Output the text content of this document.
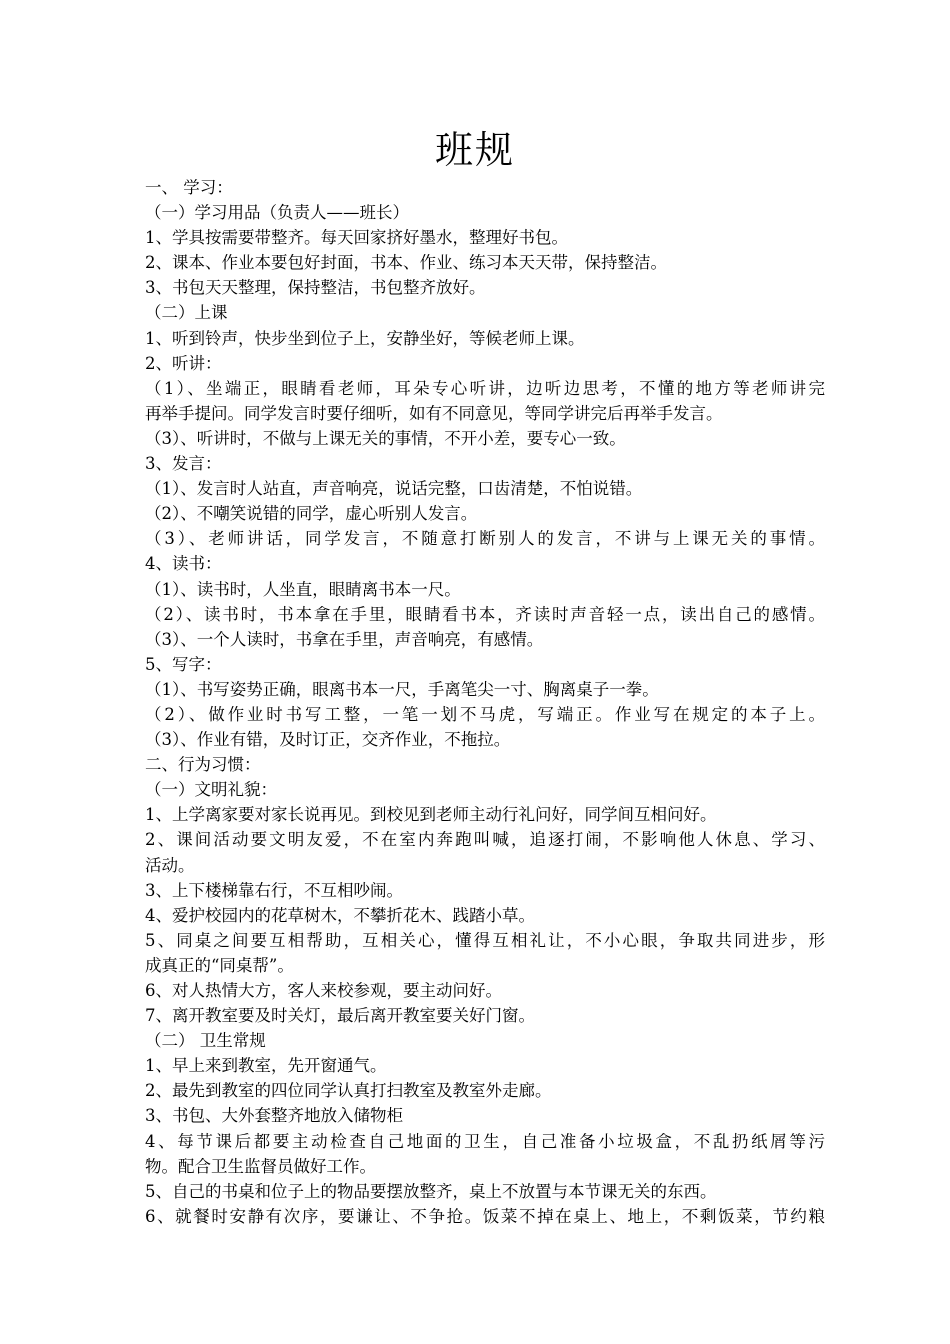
班规
一、 学习：
（一）学习用品（负责人——班长）
1、学具按需要带整齐。每天回家挤好墨水，整理好书包。
2、课本、作业本要包好封面，书本、作业、练习本天天带，保持整洁。
3、书包天天整理，保持整洁，书包整齐放好。
（二）上课
1、听到铃声，快步坐到位子上，安静坐好，等候老师上课。
2、听讲：
（1）、坐端正，眼睛看老师，耳朵专心听讲，边听边思考，不懂的地方等老师讲完
再举手提问。同学发言时要仔细听，如有不同意见，等同学讲完后再举手发言。
（3）、听讲时，不做与上课无关的事情，不开小差，要专心一致。
3、发言：
（1）、发言时人站直，声音响亮，说话完整，口齿清楚，不怕说错。
（2）、不嘲笑说错的同学，虚心听别人发言。
（3）、老师讲话，同学发言，不随意打断别人的发言，不讲与上课无关的事情。
4、读书：
（1）、读书时，人坐直，眼睛离书本一尺。
（2）、读书时，书本拿在手里，眼睛看书本，齐读时声音轻一点，读出自己的感情。
（3）、一个人读时，书拿在手里，声音响亮，有感情。
5、写字：
（1）、书写姿势正确，眼离书本一尺，手离笔尖一寸、胸离桌子一拳。
（2）、做作业时书写工整，一笔一划不马虎，写端正。作业写在规定的本子上。
（3）、作业有错，及时订正，交齐作业，不拖拉。
二、行为习惯：
（一）文明礼貌：
1、上学离家要对家长说再见。到校见到老师主动行礼问好，同学间互相问好。
2、课间活动要文明友爱，不在室内奔跑叫喊，追逐打闹，不影响他人休息、学习、
活动。
3、上下楼梯靠右行，不互相吵闹。
4、爱护校园内的花草树木，不攀折花木、践踏小草。
5、同桌之间要互相帮助，互相关心，懂得互相礼让，不小心眼，争取共同进步，形
成真正的“同桌帮”。
6、对人热情大方，客人来校参观，要主动问好。
7、离开教室要及时关灯，最后离开教室要关好门窗。
（二） 卫生常规
1、早上来到教室，先开窗通气。
2、最先到教室的四位同学认真打扫教室及教室外走廊。
3、书包、大外套整齐地放入储物柜
4、每节课后都要主动检查自己地面的卫生，自己准备小垃圾盒，不乱扔纸屑等污
物。配合卫生监督员做好工作。
5、自己的书桌和位子上的物品要摆放整齐，桌上不放置与本节课无关的东西。
6、就餐时安静有次序，要谦让、不争抢。饭菜不掉在桌上、地上，不剩饭菜，节约粮
